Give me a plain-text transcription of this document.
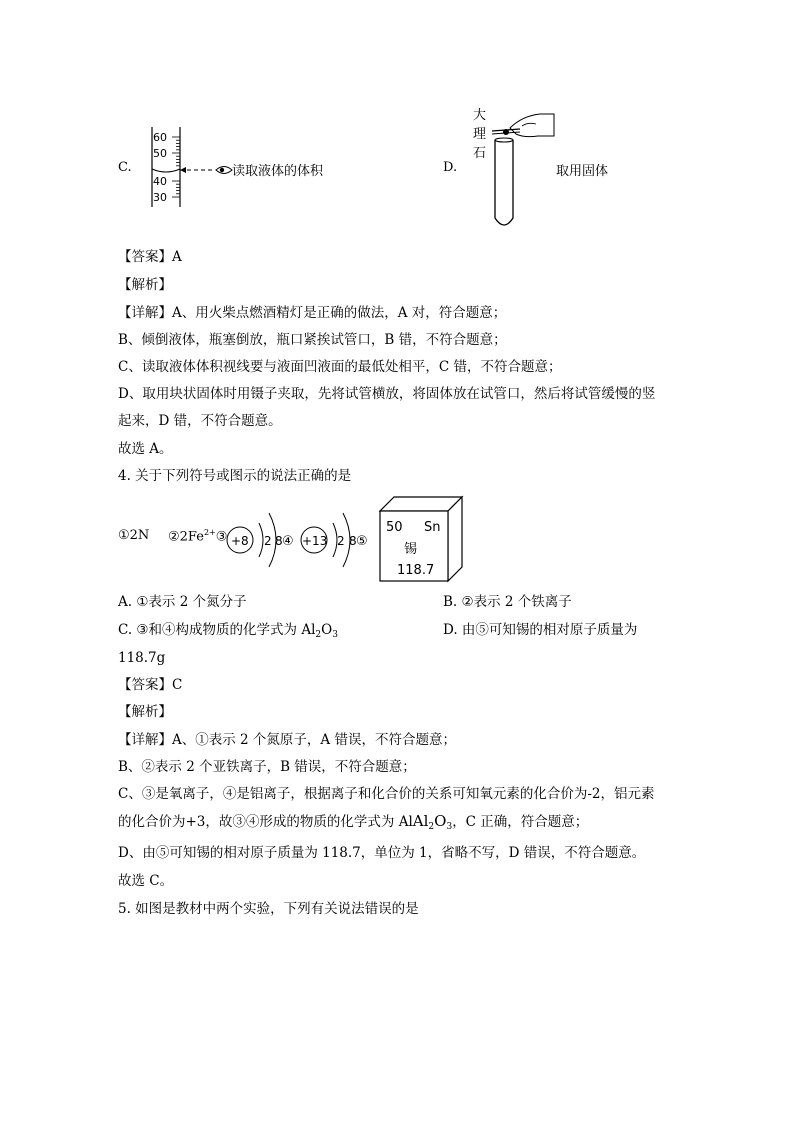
C.
60
50
40
30
读取液体的体积	D.
大
理
石
取用固体
【答案】A
【解析】
【详解】A、用火柴点燃酒精灯是正确的做法，A 对，符合题意；
B、倾倒液体，瓶塞倒放，瓶口紧挨试管口，B 错，不符合题意；
C、读取液体体积视线要与液面凹液面的最低处相平，C 错，不符合题意；
D、取用块状固体时用镊子夹取，先将试管横放，将固体放在试管口，然后将试管缓慢的竖
起来，D 错，不符合题意。
故选 A。
4. 关于下列符号或图示的说法正确的是
①2N $②2Fe^{2+}③ +8$ 2 8 ④ +13 2 8 ⑤
50 Sn
锡
118.7
A. ①表示 2 个氮分子	B. ②表示 2 个铁离子
C. ③和④构成物质的化学式为 $Al_2O_3$	D. 由⑤可知锡的相对原子质量为
118.7g
【答案】C
【解析】
【详解】A、①表示 2 个氮原子，A 错误，不符合题意；
B、②表示 2 个亚铁离子，B 错误，不符合题意；
C、③是氧离子，④是铝离子，根据离子和化合价的关系可知氧元素的化合价为-2，铝元素
的化合价为+3，故③④形成的物质的化学式为 $AlAl_2O_3$，C 正确，符合题意；
D、由⑤可知锡的相对原子质量为 118.7，单位为 1，省略不写，D 错误，不符合题意。
故选 C。
5. 如图是教材中两个实验，下列有关说法错误的是
